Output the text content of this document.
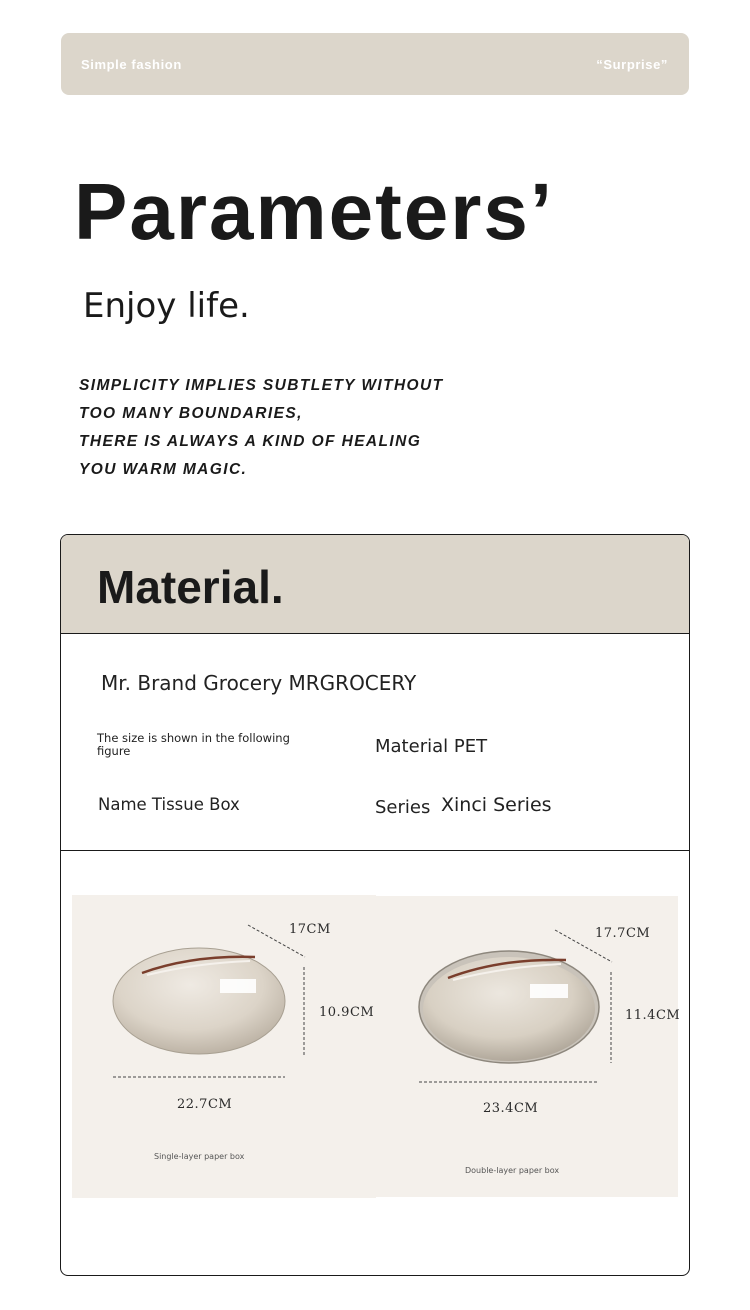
Simple fashion	“Surprise”
Parameters’
Enjoy life.
SIMPLICITY IMPLIES SUBTLETY WITHOUT
TOO MANY BOUNDARIES,
THERE IS ALWAYS A KIND OF HEALING
YOU WARM MAGIC.
Material.
Mr. Brand Grocery MRGROCERY
The size is shown in the following figure	Material PET
Name Tissue Box	Series Xinci Series
17CM
10.9CM
22.7CM
Single-layer paper box
17.7CM
11.4CM
23.4CM
Double-layer paper box
